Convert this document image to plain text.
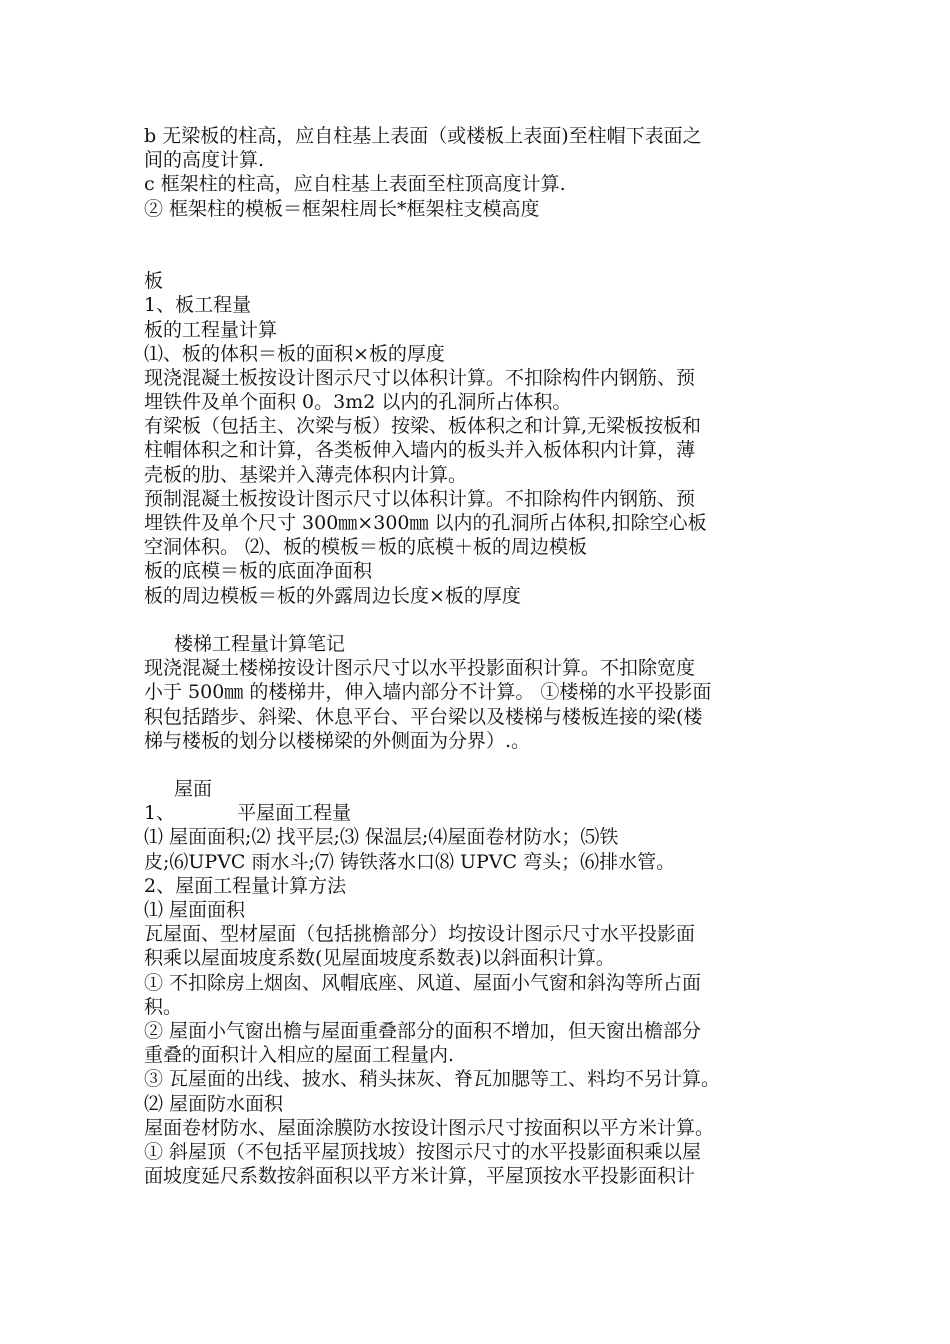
b 无梁板的柱高，应自柱基上表面（或楼板上表面)至柱帽下表面之
间的高度计算.
c 框架柱的柱高，应自柱基上表面至柱顶高度计算.
② 框架柱的模板＝框架柱周长*框架柱支模高度
板
1、板工程量
板的工程量计算
⑴、板的体积＝板的面积×板的厚度
现浇混凝土板按设计图示尺寸以体积计算。不扣除构件内钢筋、预
埋铁件及单个面积 0。3m2 以内的孔洞所占体积。
有梁板（包括主、次梁与板）按梁、板体积之和计算,无梁板按板和
柱帽体积之和计算，各类板伸入墙内的板头并入板体积内计算，薄
壳板的肋、基梁并入薄壳体积内计算。
预制混凝土板按设计图示尺寸以体积计算。不扣除构件内钢筋、预
埋铁件及单个尺寸 300㎜×300㎜ 以内的孔洞所占体积,扣除空心板
空洞体积。 ⑵、板的模板＝板的底模＋板的周边模板
板的底模＝板的底面净面积
板的周边模板＝板的外露周边长度×板的厚度
楼梯工程量计算笔记
现浇混凝土楼梯按设计图示尺寸以水平投影面积计算。不扣除宽度
小于 500㎜ 的楼梯井，伸入墙内部分不计算。 ①楼梯的水平投影面
积包括踏步、斜梁、休息平台、平台梁以及楼梯与楼板连接的梁(楼
梯与楼板的划分以楼梯梁的外侧面为分界）.。
屋面
1、	平屋面工程量
⑴ 屋面面积;⑵ 找平层;⑶ 保温层;⑷屋面卷材防水；⑸铁
皮;⑹UPVC 雨水斗;⑺ 铸铁落水口⑻ UPVC 弯头；⑹排水管。
2、屋面工程量计算方法
⑴ 屋面面积
瓦屋面、型材屋面（包括挑檐部分）均按设计图示尺寸水平投影面
积乘以屋面坡度系数(见屋面坡度系数表)以斜面积计算。
① 不扣除房上烟囱、风帽底座、风道、屋面小气窗和斜沟等所占面
积。
② 屋面小气窗出檐与屋面重叠部分的面积不增加，但天窗出檐部分
重叠的面积计入相应的屋面工程量内.
③ 瓦屋面的出线、披水、稍头抹灰、脊瓦加腮等工、料均不另计算。
⑵ 屋面防水面积
屋面卷材防水、屋面涂膜防水按设计图示尺寸按面积以平方米计算。
① 斜屋顶（不包括平屋顶找坡）按图示尺寸的水平投影面积乘以屋
面坡度延尺系数按斜面积以平方米计算，平屋顶按水平投影面积计
